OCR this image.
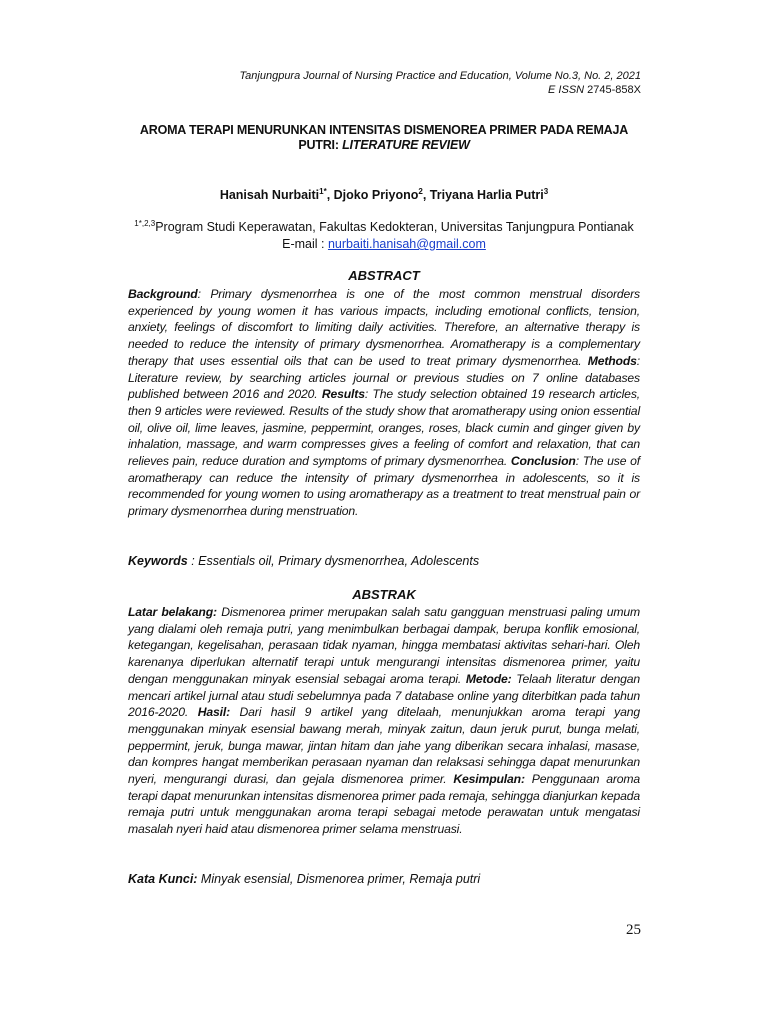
Tanjungpura Journal of Nursing Practice and Education, Volume No.3, No. 2, 2021
E ISSN 2745-858X
AROMA TERAPI MENURUNKAN INTENSITAS DISMENOREA PRIMER PADA REMAJA PUTRI: LITERATURE REVIEW
Hanisah Nurbaiti$^{1*}$, Djoko Priyono$^2$, Triyana Harlia Putri$^3$
$^{1*,2,3}$Program Studi Keperawatan, Fakultas Kedokteran, Universitas Tanjungpura Pontianak
E-mail : nurbaiti.hanisah@gmail.com
ABSTRACT
Background: Primary dysmenorrhea is one of the most common menstrual disorders experienced by young women it has various impacts, including emotional conflicts, tension, anxiety, feelings of discomfort to limiting daily activities. Therefore, an alternative therapy is needed to reduce the intensity of primary dysmenorrhea. Aromatherapy is a complementary therapy that uses essential oils that can be used to treat primary dysmenorrhea. Methods: Literature review, by searching articles journal or previous studies on 7 online databases published between 2016 and 2020. Results: The study selection obtained 19 research articles, then 9 articles were reviewed. Results of the study show that aromatherapy using onion essential oil, olive oil, lime leaves, jasmine, peppermint, oranges, roses, black cumin and ginger given by inhalation, massage, and warm compresses gives a feeling of comfort and relaxation, that can relieves pain, reduce duration and symptoms of primary dysmenorrhea. Conclusion: The use of aromatherapy can reduce the intensity of primary dysmenorrhea in adolescents, so it is recommended for young women to using aromatherapy as a treatment to treat menstrual pain or primary dysmenorrhea during menstruation.
Keywords : Essentials oil, Primary dysmenorrhea, Adolescents
ABSTRAK
Latar belakang: Dismenorea primer merupakan salah satu gangguan menstruasi paling umum yang dialami oleh remaja putri, yang menimbulkan berbagai dampak, berupa konflik emosional, ketegangan, kegelisahan, perasaan tidak nyaman, hingga membatasi aktivitas sehari-hari. Oleh karenanya diperlukan alternatif terapi untuk mengurangi intensitas dismenorea primer, yaitu dengan menggunakan minyak esensial sebagai aroma terapi. Metode: Telaah literatur dengan mencari artikel jurnal atau studi sebelumnya pada 7 database online yang diterbitkan pada tahun 2016-2020. Hasil: Dari hasil 9 artikel yang ditelaah, menunjukkan aroma terapi yang menggunakan minyak esensial bawang merah, minyak zaitun, daun jeruk purut, bunga melati, peppermint, jeruk, bunga mawar, jintan hitam dan jahe yang diberikan secara inhalasi, masase, dan kompres hangat memberikan perasaan nyaman dan relaksasi sehingga dapat menurunkan nyeri, mengurangi durasi, dan gejala dismenorea primer. Kesimpulan: Penggunaan aroma terapi dapat menurunkan intensitas dismenorea primer pada remaja, sehingga dianjurkan kepada remaja putri untuk menggunakan aroma terapi sebagai metode perawatan untuk mengatasi masalah nyeri haid atau dismenorea primer selama menstruasi.
Kata Kunci: Minyak esensial, Dismenorea primer, Remaja putri
25
